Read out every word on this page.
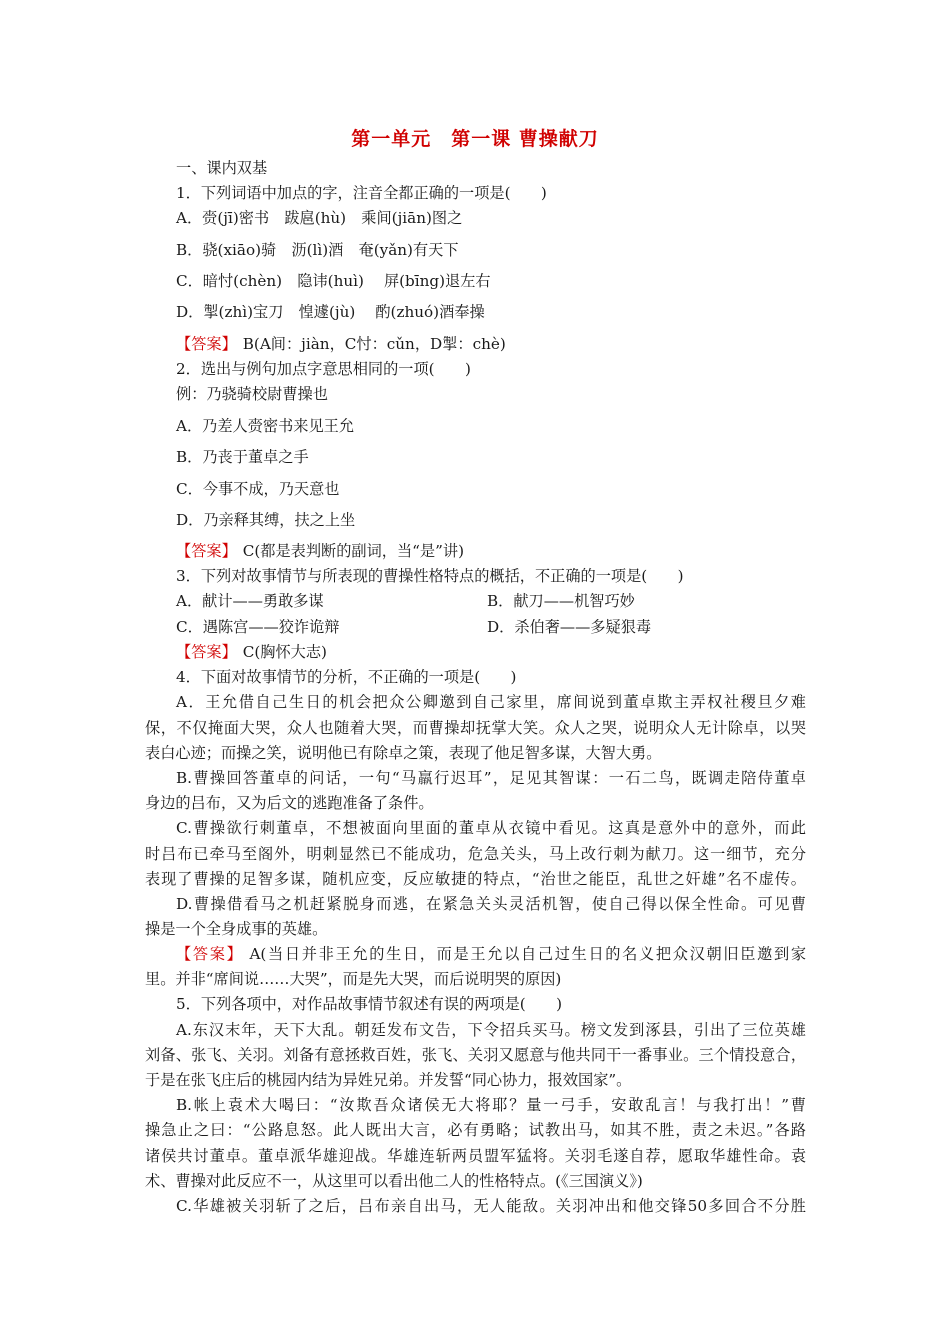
第一单元　第一课 曹操献刀
一、课内双基
1．下列词语中加点的字，注音全都正确的一项是(　　)
A．赍(jī)密书　跋扈(hù)　乘间(jiān)图之
B．骁(xiāo)骑　沥(lì)酒　奄(yǎn)有天下
C．暗忖(chèn)　隐讳(huì)　 屏(bīng)退左右
D．掣(zhì)宝刀　惶遽(jù)　 酌(zhuó)酒奉操
【答案】 B(A间：jiàn，C忖：cǔn，D掣：chè)
2．选出与例句加点字意思相同的一项(　　)
例：乃骁骑校尉曹操也
A．乃差人赍密书来见王允
B．乃丧于董卓之手
C．今事不成，乃天意也
D．乃亲释其缚，扶之上坐
【答案】 C(都是表判断的副词，当“是”讲)
3．下列对故事情节与所表现的曹操性格特点的概括，不正确的一项是(　　)
A．献计——勇敢多谋	B．献刀——机智巧妙
C．遇陈宫——狡诈诡辩	D．杀伯奢——多疑狠毒
【答案】 C(胸怀大志)
4．下面对故事情节的分析，不正确的一项是(　　)
A．王允借自己生日的机会把众公卿邀到自己家里，席间说到董卓欺主弄权社稷旦夕难
保，不仅掩面大哭，众人也随着大哭，而曹操却抚掌大笑。众人之哭，说明众人无计除卓，以哭
表白心迹；而操之笑，说明他已有除卓之策，表现了他足智多谋，大智大勇。
B.曹操回答董卓的问话，一句“马羸行迟耳”，足见其智谋：一石二鸟，既调走陪侍董卓
身边的吕布，又为后文的逃跑准备了条件。
C.曹操欲行刺董卓，不想被面向里面的董卓从衣镜中看见。这真是意外中的意外，而此
时吕布已牵马至阁外，明刺显然已不能成功，危急关头，马上改行刺为献刀。这一细节，充分
表现了曹操的足智多谋，随机应变，反应敏捷的特点，“治世之能臣，乱世之奸雄”名不虚传。
D.曹操借看马之机赶紧脱身而逃，在紧急关头灵活机智，使自己得以保全性命。可见曹
操是一个全身成事的英雄。
【答案】 A(当日并非王允的生日，而是王允以自己过生日的名义把众汉朝旧臣邀到家
里。并非“席间说……大哭”，而是先大哭，而后说明哭的原因)
5．下列各项中，对作品故事情节叙述有误的两项是(　　)
A.东汉末年，天下大乱。朝廷发布文告，下令招兵买马。榜文发到涿县，引出了三位英雄
刘备、张飞、关羽。刘备有意拯救百姓，张飞、关羽又愿意与他共同干一番事业。三个情投意合，
于是在张飞庄后的桃园内结为异姓兄弟。并发誓“同心协力，报效国家”。
B.帐上袁术大喝曰：“汝欺吾众诸侯无大将耶？量一弓手，安敢乱言！与我打出！”曹
操急止之曰：“公路息怒。此人既出大言，必有勇略；试教出马，如其不胜，责之未迟。”各路
诸侯共讨董卓。董卓派华雄迎战。华雄连斩两员盟军猛将。关羽毛遂自荐，愿取华雄性命。袁
术、曹操对此反应不一，从这里可以看出他二人的性格特点。(《三国演义》)
C.华雄被关羽斩了之后，吕布亲自出马，无人能敌。关羽冲出和他交锋50多回合不分胜
